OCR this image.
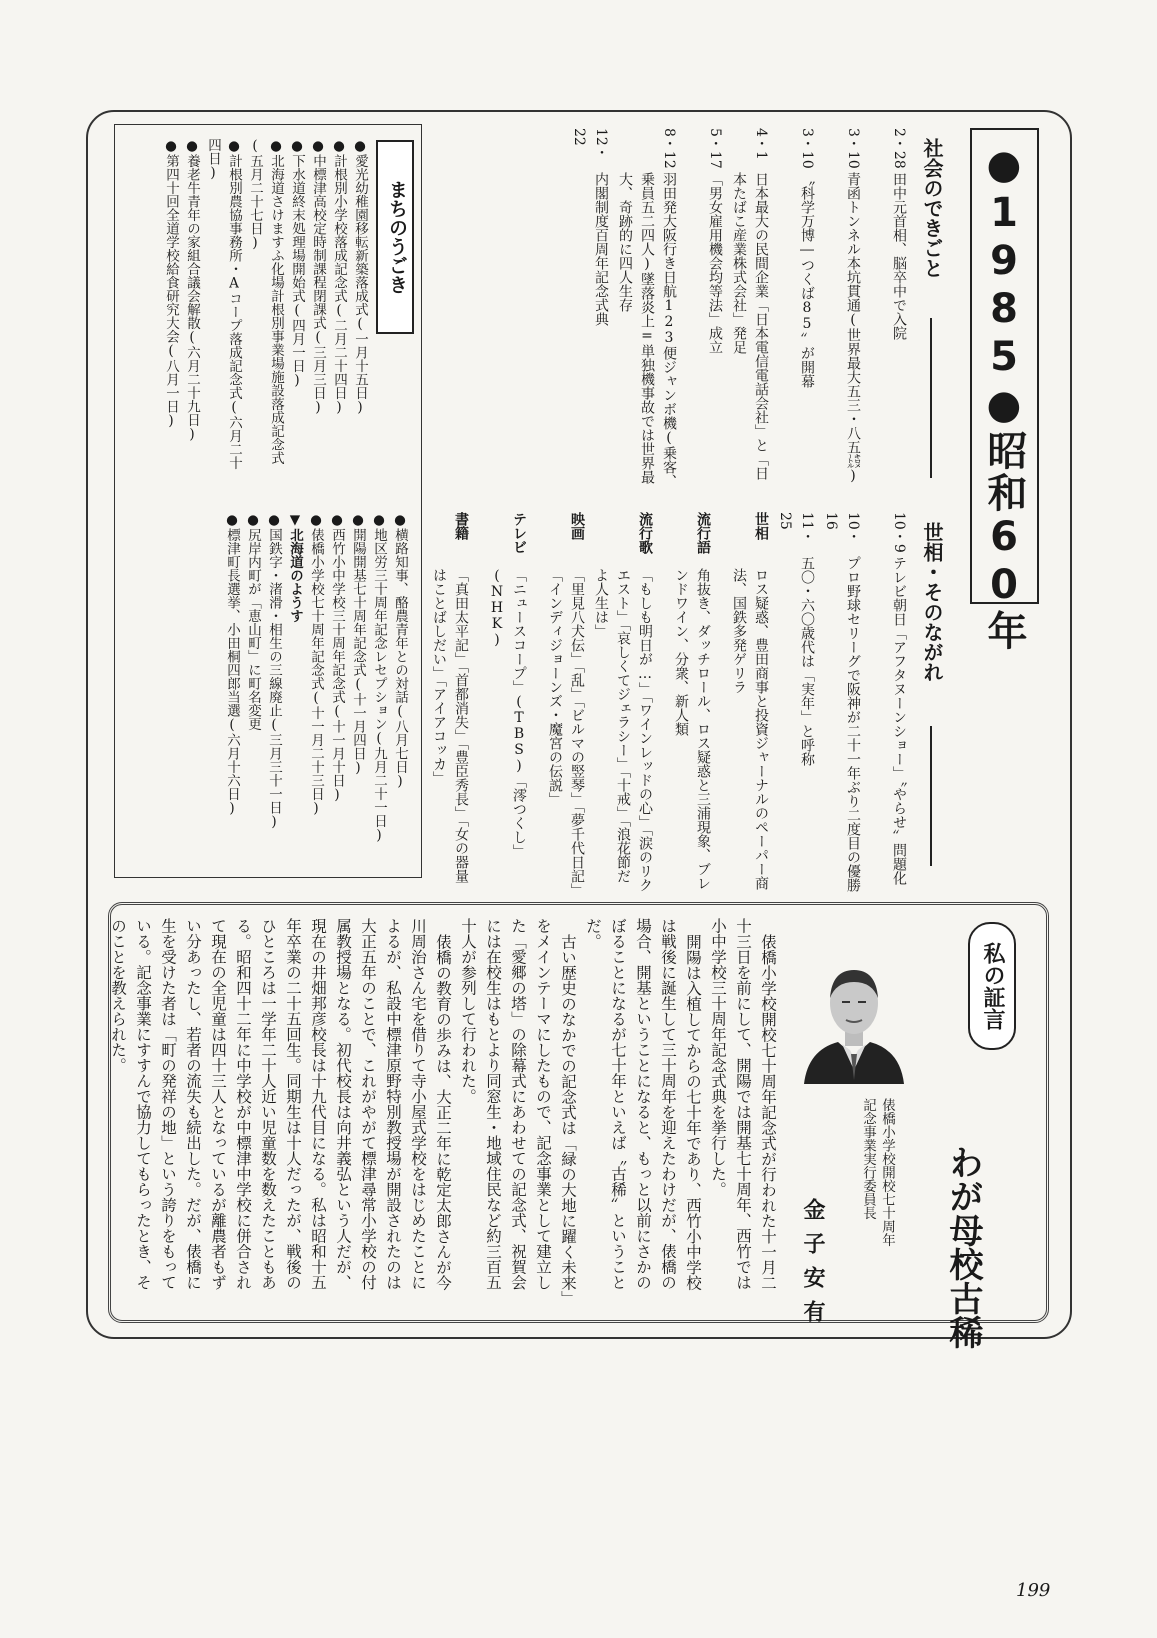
●1985●昭和60年
社会のできごと
2・28
田中元首相、脳卒中で入院
3・10
青函トンネル本坑貫通(世界最大五三・八五㌖)
3・10
〝科学万博―つくば85〟が開幕
4・1
日本最大の民間企業「日本電信電話会社」と「日本たばこ産業株式会社」発足
5・17
「男女雇用機会均等法」成立
8・12
羽田発大阪行き日航123便ジャンボ機(乗客、乗員五二四人)墜落炎上=単独機事故では世界最大、奇跡的に四人生存
12・22
内閣制度百周年記念式典
世相・そのながれ
10・9
テレビ朝日「アフタヌーンショー」〝やらせ〟問題化
10・16
プロ野球セリーグで阪神が二十一年ぶり二度目の優勝
11・25
五〇・六〇歳代は「実年」と呼称
世相
ロス疑惑、豊田商事と投資ジャーナルのペーパー商法、国鉄多発ゲリラ
流行語
角抜き、ダッチロール、ロス疑惑と三浦現象、ブレンドワイン、分衆、新人類
流行歌
「もしも明日が…」「ワインレッドの心」「涙のリクエスト」「哀しくてジェラシー」「十戒」「浪花節だよ人生は」
映画
「里見八犬伝」「乱」「ビルマの竪琴」「夢千代日記」「インディジョーンズ・魔宮の伝説」
テレビ
「ニュースコープ」(TBS)「澪つくし」(NHK)
書籍
「真田太平記」「首都消失」「豊臣秀長」「女の器量はことばしだい」「アイアコッカ」
まちのうごき
●愛光幼稚園移転新築落成式(一月十五日)
●計根別小学校落成記念式(二月二十四日)
●中標津高校定時制課程閉課式(三月三日)
●下水道終末処理場開始式(四月一日)
●北海道さけますふ化場計根別事業場施設落成記念式(五月二十七日)
●計根別農協事務所・Aコープ落成記念式(六月二十四日)
●養老牛青年の家組合議会解散(六月二十九日)
●第四十回全道学校給食研究大会(八月一日)
●横路知事、酪農青年との対話(八月七日)
●地区労三十周年記念レセプション(九月二十一日)
●開陽開基七十周年記念式(十一月四日)
●西竹小中学校三十周年記念式(十一月十日)
●俵橋小学校七十周年記念式(十一月二十三日)
▼北海道のようす
●国鉄字・渚滑・相生の三線廃止(三月三十一日)
●尻岸内町が「恵山町」に町名変更
●標津町長選挙、小田桐四郎当選(六月十六日)
私の証言
わが母校古稀
俵橋小学校開校七十周年
記念事業実行委員長
金子安有

俵橋小学校開校七十周年記念式が行われた十一月二十三日を前にして、開陽では開基七十周年、西竹では小中学校三十周年記念式典を挙行した。

開陽は入植してからの七十年であり、西竹小中学校は戦後に誕生して三十周年を迎えたわけだが、俵橋の場合、開基ということになると、もっと以前にさかのぼることになるが七十年といえば〝古稀〟ということだ。

古い歴史のなかでの記念式は「緑の大地に躍く未来」をメインテーマにしたもので、記念事業として建立した「愛郷の塔」の除幕式にあわせての記念式、祝賀会には在校生はもとより同窓生・地域住民など約三百五十人が参列して行われた。

俵橋の教育の歩みは、大正二年に乾定太郎さんが今川周治さん宅を借りて寺小屋式学校をはじめたことによるが、私設中標津原野特別教授場が開設されたのは大正五年のことで、これがやがて標津尋常小学校の付属教授場となる。初代校長は向井義弘という人だが、現在の井畑邦彦校長は十九代目になる。私は昭和十五年卒業の二十五回生。同期生は十人だったが、戦後のひところは一学年二十人近い児童数を数えたこともある。昭和四十二年に中学校が中標津中学校に併合されて現在の全児童は四十三人となっているが離農者もずい分あったし、若者の流失も続出した。だが、俵橋に生を受けた者は「町の発祥の地」という誇りをもっている。記念事業にすすんで協力してもらったとき、そのことを教えられた。

199
